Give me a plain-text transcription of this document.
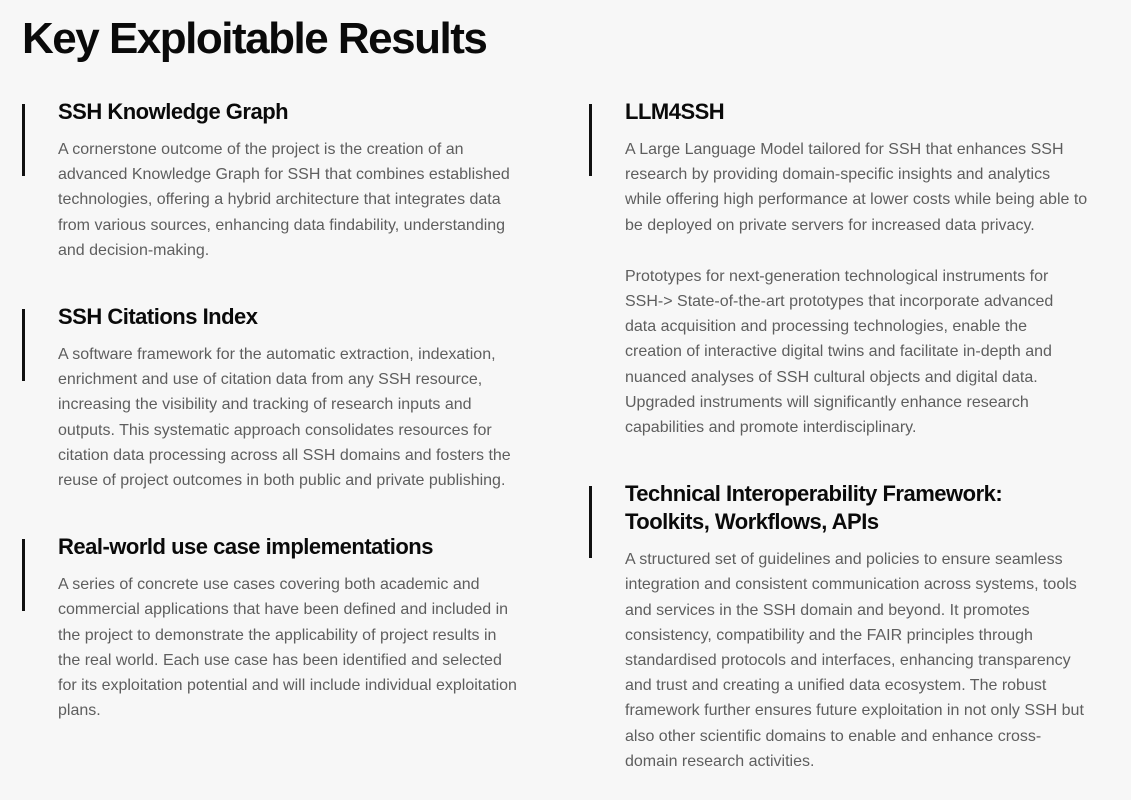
Key Exploitable Results
SSH Knowledge Graph

A cornerstone outcome of the project is the creation of an advanced Knowledge Graph for SSH that combines established technologies, offering a hybrid architecture that integrates data from various sources, enhancing data findability, understanding and decision-making.

SSH Citations Index

A software framework for the automatic extraction, indexation, enrichment and use of citation data from any SSH resource, increasing the visibility and tracking of research inputs and outputs. This systematic approach consolidates resources for citation data processing across all SSH domains and fosters the reuse of project outcomes in both public and private publishing.

Real-world use case implementations

A series of concrete use cases covering both academic and commercial applications that have been defined and included in the project to demonstrate the applicability of project results in the real world. Each use case has been identified and selected for its exploitation potential and will include individual exploitation plans.

LLM4SSH

A Large Language Model tailored for SSH that enhances SSH research by providing domain-specific insights and analytics while offering high performance at lower costs while being able to be deployed on private servers for increased data privacy.

Prototypes for next-generation technological instruments for SSH-> State-of-the-art prototypes that incorporate advanced data acquisition and processing technologies, enable the creation of interactive digital twins and facilitate in-depth and nuanced analyses of SSH cultural objects and digital data. Upgraded instruments will significantly enhance research capabilities and promote interdisciplinary.

Technical Interoperability Framework: Toolkits, Workflows, APIs

A structured set of guidelines and policies to ensure seamless integration and consistent communication across systems, tools and services in the SSH domain and beyond. It promotes consistency, compatibility and the FAIR principles through standardised protocols and interfaces, enhancing transparency and trust and creating a unified data ecosystem. The robust framework further ensures future exploitation in not only SSH but also other scientific domains to enable and enhance cross-domain research activities.
